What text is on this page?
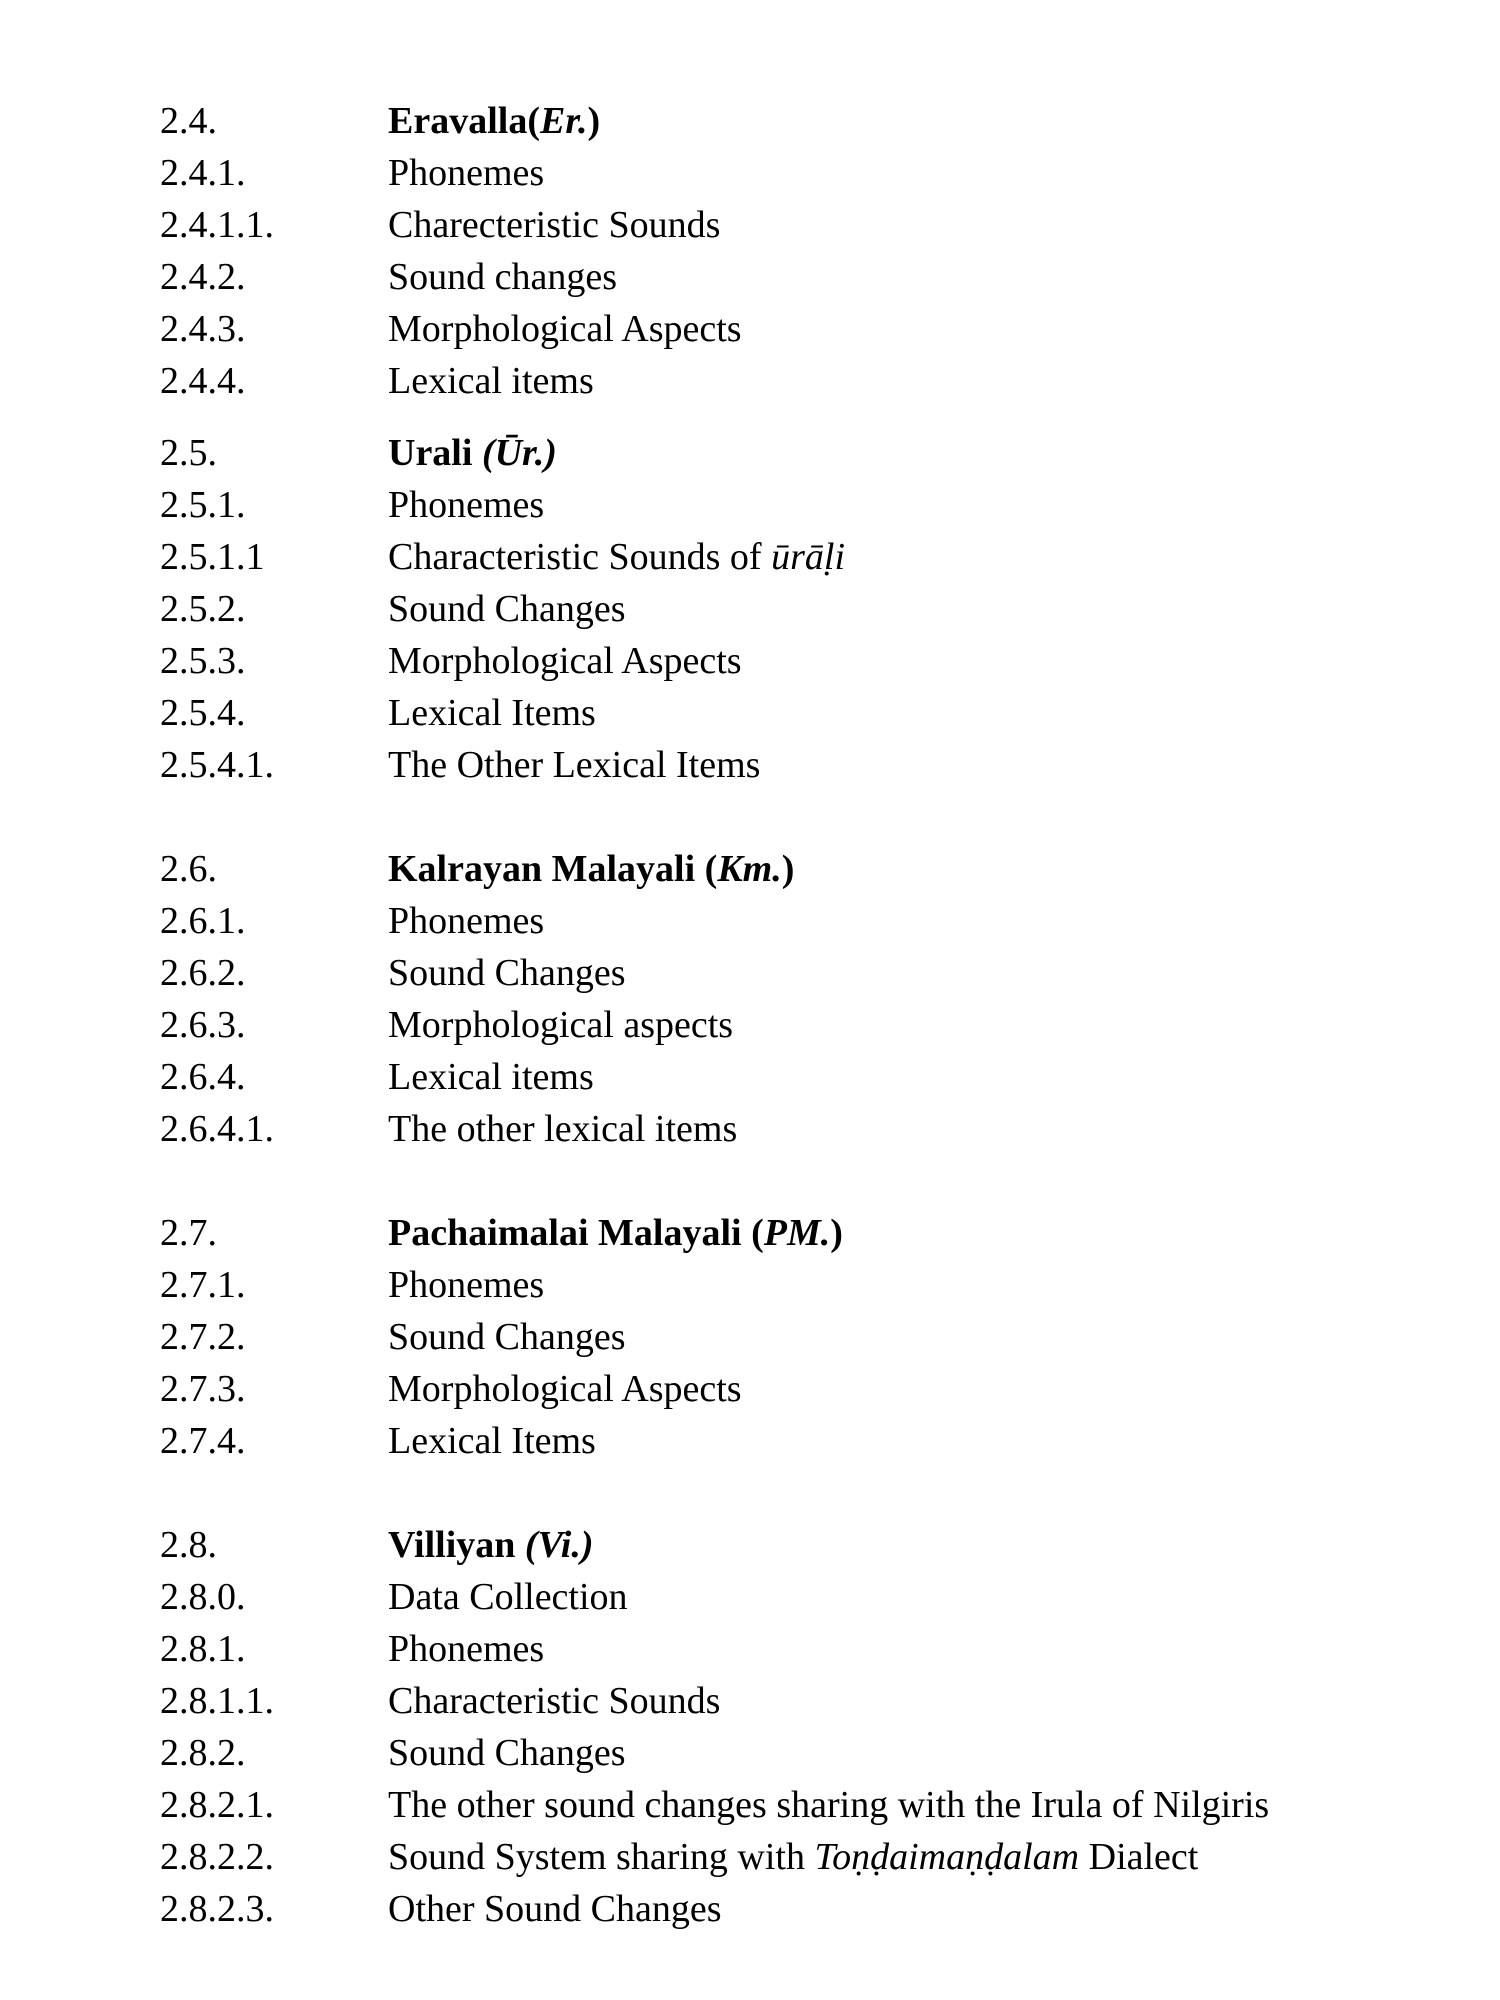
2.4.	Eravalla(Er.)
2.4.1.	Phonemes
2.4.1.1.	Charecteristic Sounds
2.4.2.	Sound changes
2.4.3.	Morphological Aspects
2.4.4.	Lexical items
2.5.	Urali (Ūr.)
2.5.1.	Phonemes
2.5.1.1	Characteristic Sounds of ūrāḷi
2.5.2.	Sound Changes
2.5.3.	Morphological Aspects
2.5.4.	Lexical Items
2.5.4.1.	The Other Lexical Items
2.6.	Kalrayan Malayali (Km.)
2.6.1.	Phonemes
2.6.2.	Sound Changes
2.6.3.	Morphological aspects
2.6.4.	Lexical items
2.6.4.1.	The other lexical items
2.7.	Pachaimalai Malayali (PM.)
2.7.1.	Phonemes
2.7.2.	Sound Changes
2.7.3.	Morphological Aspects
2.7.4.	Lexical Items
2.8.	Villiyan (Vi.)
2.8.0.	Data Collection
2.8.1.	Phonemes
2.8.1.1.	Characteristic Sounds
2.8.2.	Sound Changes
2.8.2.1.	The other sound changes sharing with the Irula of Nilgiris
2.8.2.2.	Sound System sharing with Toṇḍaimaṇḍalam Dialect
2.8.2.3.	Other Sound Changes
